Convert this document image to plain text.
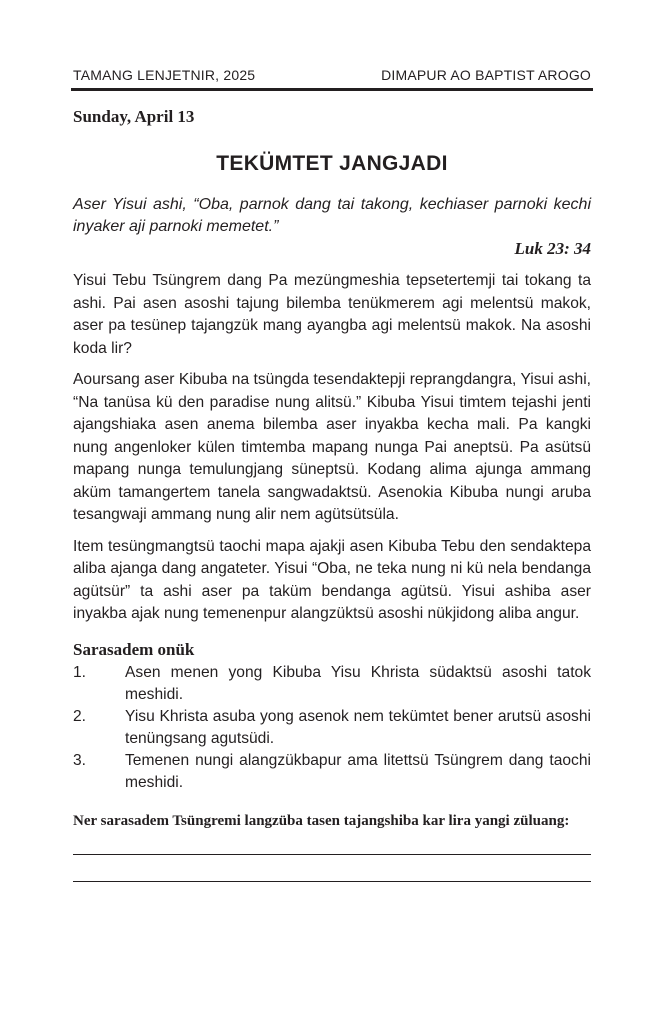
TAMANG LENJETNIR, 2025	DIMAPUR AO BAPTIST AROGO
Sunday, April 13
TEKÜMTET JANGJADI

Aser Yisui ashi, “Oba, parnok dang tai takong, kechiaser parnoki kechi inyaker aji parnoki memetet.”

Luk 23: 34

Yisui Tebu Tsüngrem dang Pa mezüngmeshia tepsetertemji tai tokang ta ashi. Pai asen asoshi tajung bilemba tenükmerem agi melentsü makok, aser pa tesünep tajangzük mang ayangba agi melentsü makok. Na asoshi koda lir?

Aoursang aser Kibuba na tsüngda tesendaktepji reprangdangra, Yisui ashi, “Na tanüsa kü den paradise nung alitsü.” Kibuba Yisui timtem tejashi jenti ajangshiaka asen anema bilemba aser inyakba kecha mali. Pa kangki nung angenloker külen timtemba mapang nunga Pai aneptsü. Pa asütsü mapang nunga temulungjang süneptsü. Kodang alima ajunga ammang aküm tamangertem tanela sangwadaktsü. Asenokia Kibuba nungi aruba tesangwaji ammang nung alir nem agütsütsüla.

Item tesüngmangtsü taochi mapa ajakji asen Kibuba Tebu den sendaktepa aliba ajanga dang angateter. Yisui “Oba, ne teka nung ni kü nela bendanga agütsür” ta ashi aser pa taküm bendanga agütsü. Yisui ashiba aser inyakba ajak nung temenenpur alangzüktsü asoshi nükjidong aliba angur.

Sarasadem onük
1.	Asen menen yong Kibuba Yisu Khrista südaktsü asoshi tatok meshidi.
2.	Yisu Khrista asuba yong asenok nem tekümtet bener arutsü asoshi tenüngsang agutsüdi.
3.	Temenen nungi alangzükbapur ama litettsü Tsüngrem dang taochi meshidi.
Ner sarasadem Tsüngremi langzüba tasen tajangshiba kar lira yangi züluang:
